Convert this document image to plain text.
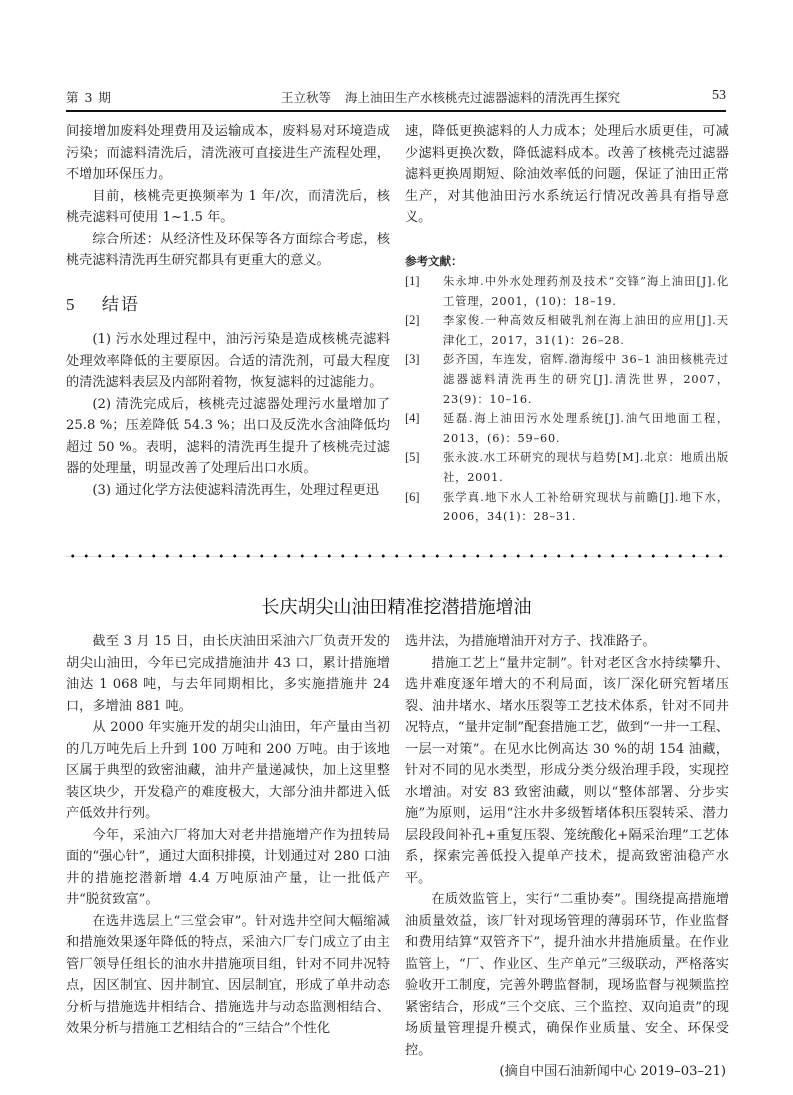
第 3 期	王立秋等 海上油田生产水核桃壳过滤器滤料的清洗再生探究	53

间接增加废料处理费用及运输成本，废料易对环境造成污染；而滤料清洗后，清洗液可直接进生产流程处理，不增加环保压力。

目前，核桃壳更换频率为 1 年/次，而清洗后，核桃壳滤料可使用 1~1.5 年。

综合所述：从经济性及环保等各方面综合考虑，核桃壳滤料清洗再生研究都具有更重大的意义。

5 结语

(1) 污水处理过程中，油污污染是造成核桃壳滤料处理效率降低的主要原因。合适的清洗剂，可最大程度的清洗滤料表层及内部附着物，恢复滤料的过滤能力。

(2) 清洗完成后，核桃壳过滤器处理污水量增加了 25.8 %；压差降低 54.3 %；出口及反洗水含油降低均超过 50 %。表明，滤料的清洗再生提升了核桃壳过滤器的处理量，明显改善了处理后出口水质。

(3) 通过化学方法使滤料清洗再生，处理过程更迅

速，降低更换滤料的人力成本；处理后水质更佳，可减少滤料更换次数，降低滤料成本。改善了核桃壳过滤器滤料更换周期短、除油效率低的问题，保证了油田正常生产，对其他油田污水系统运行情况改善具有指导意义。

参考文献：
[1] 朱永坤.中外水处理药剂及技术“交锋”海上油田[J].化工管理，2001，(10)：18–19.
[2] 李家俊.一种高效反相破乳剂在海上油田的应用[J].天津化工，2017，31(1)：26–28.
[3] 彭齐国，车连发，宿辉.渤海绥中 36–1 油田核桃壳过滤器滤料清洗再生的研究[J].清洗世界，2007，23(9)：10–16.
[4] 延磊.海上油田污水处理系统[J].油气田地面工程，2013，(6)：59–60.
[5] 张永波.水工环研究的现状与趋势[M].北京：地质出版社，2001.
[6] 张学真.地下水人工补给研究现状与前瞻[J].地下水，2006，34(1)：28–31.
长庆胡尖山油田精准挖潜措施增油

截至 3 月 15 日，由长庆油田采油六厂负责开发的胡尖山油田，今年已完成措施油井 43 口，累计措施增油达 1 068 吨，与去年同期相比，多实施措施井 24 口，多增油 881 吨。

从 2000 年实施开发的胡尖山油田，年产量由当初的几万吨先后上升到 100 万吨和 200 万吨。由于该地区属于典型的致密油藏，油井产量递减快，加上这里整装区块少，开发稳产的难度极大，大部分油井都进入低产低效井行列。

今年，采油六厂将加大对老井措施增产作为扭转局面的“强心针”，通过大面积排摸，计划通过对 280 口油井的措施挖潜新增 4.4 万吨原油产量，让一批低产井“脱贫致富”。

在选井选层上“三堂会审”。针对选井空间大幅缩减和措施效果逐年降低的特点，采油六厂专门成立了由主管厂领导任组长的油水井措施项目组，针对不同井况特点，因区制宜、因井制宜、因层制宜，形成了单井动态分析与措施选井相结合、措施选井与动态监测相结合、效果分析与措施工艺相结合的“三结合”个性化

选井法，为措施增油开对方子、找准路子。

措施工艺上“量井定制”。针对老区含水持续攀升、选井难度逐年增大的不利局面，该厂深化研究暂堵压裂、油井堵水、堵水压裂等工艺技术体系，针对不同井况特点，“量井定制”配套措施工艺，做到“一井一工程、一层一对策”。在见水比例高达 30 %的胡 154 油藏，针对不同的见水类型，形成分类分级治理手段，实现控水增油。对安 83 致密油藏，则以“整体部署、分步实施”为原则，运用“注水井多级暂堵体积压裂转采、潜力层段段间补孔+重复压裂、笼统酸化+隔采治理”工艺体系，探索完善低投入提单产技术，提高致密油稳产水平。

在质效监管上，实行“二重协奏”。围绕提高措施增油质量效益，该厂针对现场管理的薄弱环节，作业监督和费用结算“双管齐下”，提升油水井措施质量。在作业监管上，“厂、作业区、生产单元”三级联动，严格落实验收开工制度，完善外聘监督制，现场监督与视频监控紧密结合，形成“三个交底、三个监控、双向追责”的现场质量管理提升模式，确保作业质量、安全、环保受控。

(摘自中国石油新闻中心 2019–03–21)
